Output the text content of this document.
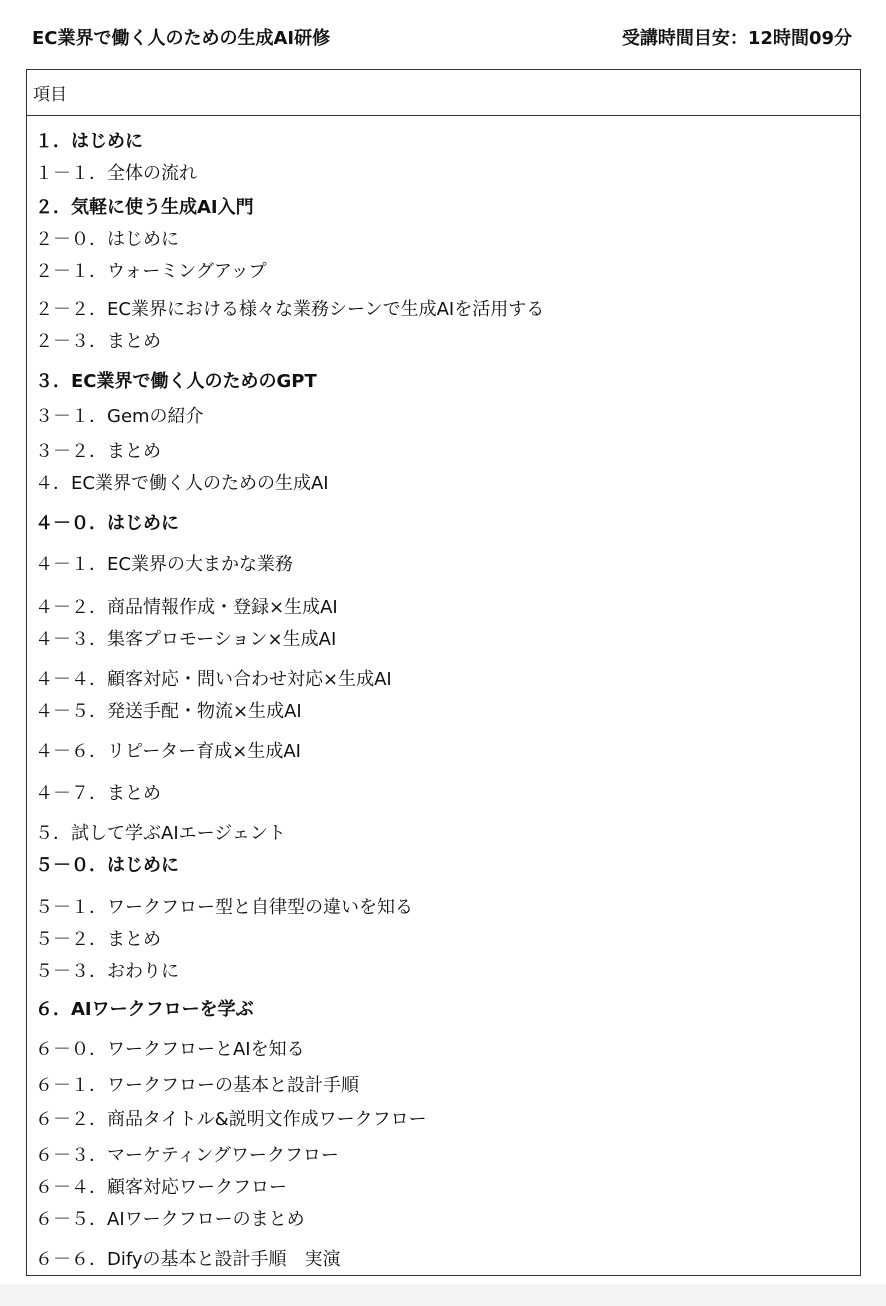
EC業界で働く人のための生成AI研修	受講時間目安：12時間09分
項目
１．はじめに
１－１．全体の流れ
２．気軽に使う生成AI入門
２－０．はじめに
２－１．ウォーミングアップ
２－２．EC業界における様々な業務シーンで生成AIを活用する
２－３．まとめ
３．EC業界で働く人のためのGPT
３－１．Gemの紹介
３－２．まとめ
４．EC業界で働く人のための生成AI
４－０．はじめに
４－１．EC業界の大まかな業務
４－２．商品情報作成・登録×生成AI
４－３．集客プロモーション×生成AI
４－４．顧客対応・問い合わせ対応×生成AI
４－５．発送手配・物流×生成AI
４－６．リピーター育成×生成AI
４－７．まとめ
５．試して学ぶAIエージェント
５－０．はじめに
５－１．ワークフロー型と自律型の違いを知る
５－２．まとめ
５－３．おわりに
６．AIワークフローを学ぶ
６－０．ワークフローとAIを知る
６－１．ワークフローの基本と設計手順
６－２．商品タイトル&説明文作成ワークフロー
６－３．マーケティングワークフロー
６－４．顧客対応ワークフロー
６－５．AIワークフローのまとめ
６－６．Difyの基本と設計手順　実演
